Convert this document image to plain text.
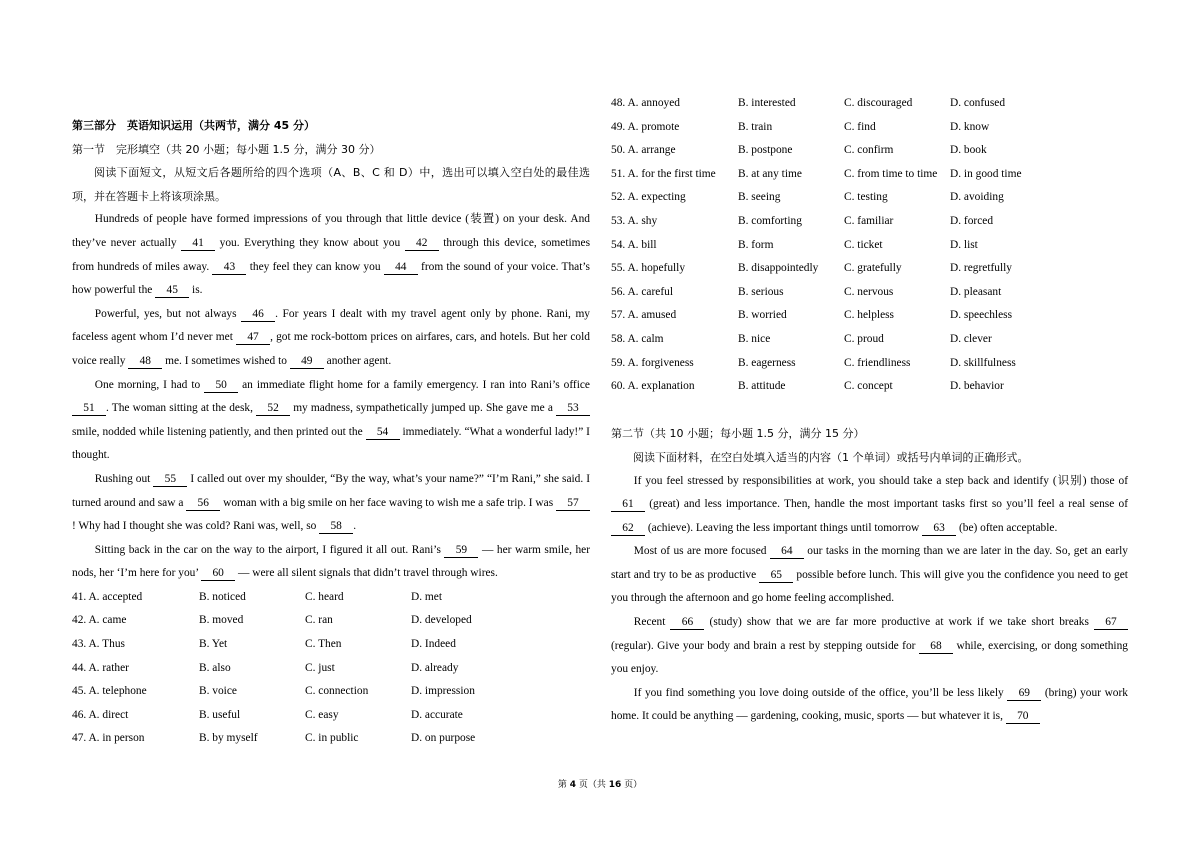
第三部分　英语知识运用（共两节，满分 45 分）
第一节　完形填空（共 20 小题；每小题 1.5 分，满分 30 分）

阅读下面短文，从短文后各题所给的四个选项（A、B、C 和 D）中，选出可以填入空白处的最佳选项，并在答题卡上将该项涂黑。

Hundreds of people have formed impressions of you through that little device (装置) on your desk. And they’ve never actually 41 you. Everything they know about you 42 through this device, sometimes from hundreds of miles away. 43 they feel they can know you 44 from the sound of your voice. That’s how powerful the 45 is.

Powerful, yes, but not always 46 . For years I dealt with my travel agent only by phone. Rani, my faceless agent whom I’d never met 47 , got me rock-bottom prices on airfares, cars, and hotels. But her cold voice really 48 me. I sometimes wished to 49 another agent.

One morning, I had to 50 an immediate flight home for a family emergency. I ran into Rani’s office 51 . The woman sitting at the desk, 52 my madness, sympathetically jumped up. She gave me a 53 smile, nodded while listening patiently, and then printed out the 54 immediately. “What a wonderful lady!” I thought.

Rushing out 55 I called out over my shoulder, “By the way, what’s your name?” “I’m Rani,” she said. I turned around and saw a 56 woman with a big smile on her face waving to wish me a safe trip. I was 57! Why had I thought she was cold? Rani was, well, so 58 .

Sitting back in the car on the way to the airport, I figured it all out. Rani’s 59 — her warm smile, her nods, her ‘I’m here for you’ 60 — were all silent signals that didn’t travel through wires.

41. A. accepted	B. noticed	C. heard	D. met
42. A. came	B. moved	C. ran	D. developed
43. A. Thus	B. Yet	C. Then	D. Indeed
44. A. rather	B. also	C. just	D. already
45. A. telephone	B. voice	C. connection	D. impression
46. A. direct	B. useful	C. easy	D. accurate
47. A. in person	B. by myself	C. in public	D. on purpose
48. A. annoyed	B. interested	C. discouraged	D. confused
49. A. promote	B. train	C. find	D. know
50. A. arrange	B. postpone	C. confirm	D. book
51. A. for the first time	B. at any time	C. from time to time	D. in good time
52. A. expecting	B. seeing	C. testing	D. avoiding
53. A. shy	B. comforting	C. familiar	D. forced
54. A. bill	B. form	C. ticket	D. list
55. A. hopefully	B. disappointedly	C. gratefully	D. regretfully
56. A. careful	B. serious	C. nervous	D. pleasant
57. A. amused	B. worried	C. helpless	D. speechless
58. A. calm	B. nice	C. proud	D. clever
59. A. forgiveness	B. eagerness	C. friendliness	D. skillfulness
60. A. explanation	B. attitude	C. concept	D. behavior
第二节（共 10 小题；每小题 1.5 分，满分 15 分）

阅读下面材料，在空白处填入适当的内容（1 个单词）或括号内单词的正确形式。

If you feel stressed by responsibilities at work, you should take a step back and identify (识别) those of 61 (great) and less importance. Then, handle the most important tasks first so you’ll feel a real sense of 62 (achieve). Leaving the less important things until tomorrow 63 (be) often acceptable.

Most of us are more focused 64 our tasks in the morning than we are later in the day. So, get an early start and try to be as productive 65 possible before lunch. This will give you the confidence you need to get you through the afternoon and go home feeling accomplished.

Recent 66 (study) show that we are far more productive at work if we take short breaks 67 (regular). Give your body and brain a rest by stepping outside for 68 while, exercising, or dong something you enjoy.

If you find something you love doing outside of the office, you’ll be less likely 69 (bring) your work home. It could be anything — gardening, cooking, music, sports — but whatever it is, 70

第 4 页（共 16 页）
